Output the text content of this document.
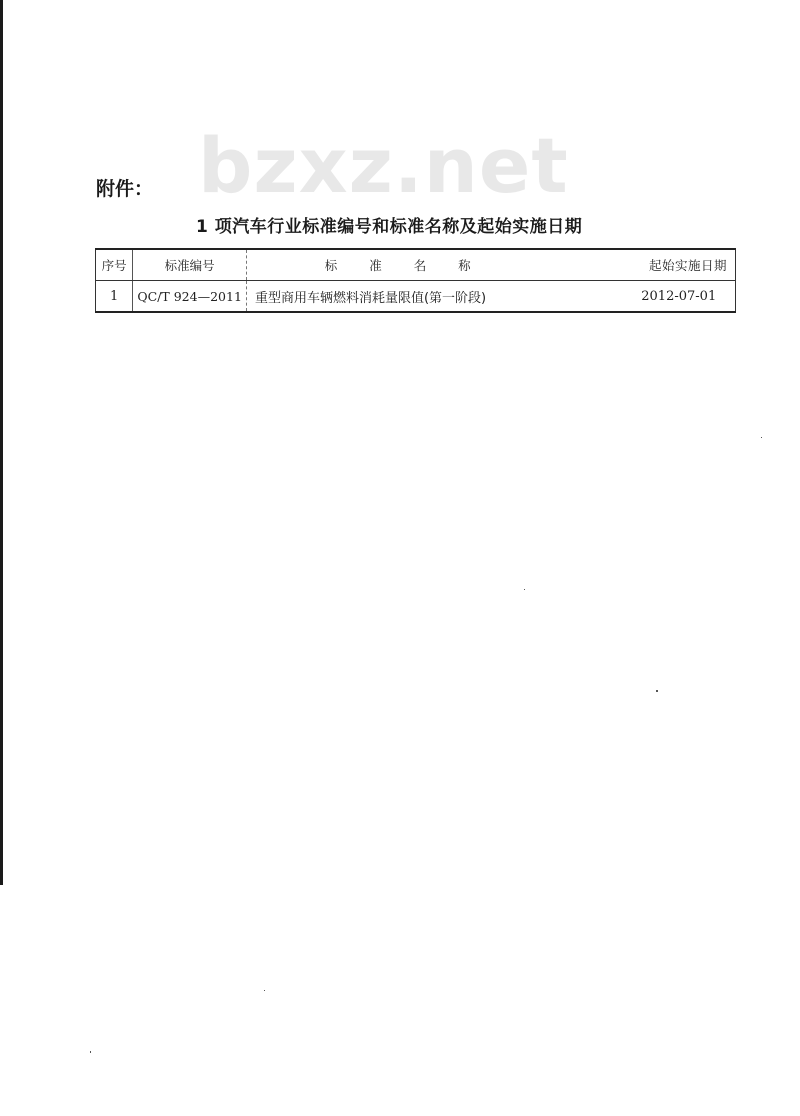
bzxz.net
附件：
1 项汽车行业标准编号和标准名称及起始实施日期
序号	标准编号	标 准 名 称	起始实施日期
1	QC/T 924—2011	重型商用车辆燃料消耗量限值(第一阶段)	2012-07-01
